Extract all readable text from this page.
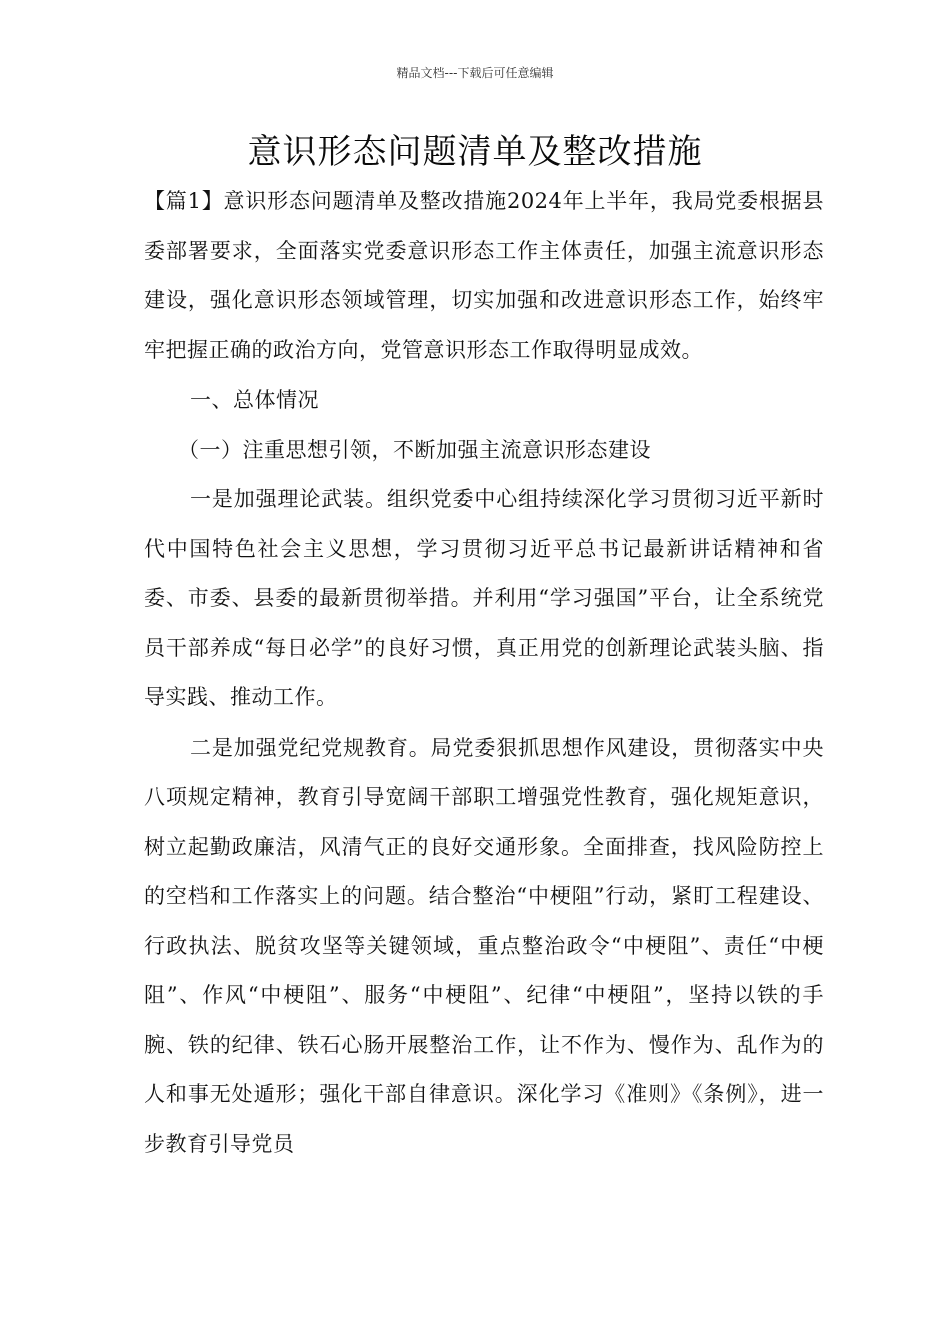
精品文档---下载后可任意编辑
意识形态问题清单及整改措施

【篇1】意识形态问题清单及整改措施2024年上半年，我局党委根据县委部署要求，全面落实党委意识形态工作主体责任，加强主流意识形态建设，强化意识形态领域管理，切实加强和改进意识形态工作，始终牢牢把握正确的政治方向，党管意识形态工作取得明显成效。

一、总体情况

（一）注重思想引领，不断加强主流意识形态建设

一是加强理论武装。组织党委中心组持续深化学习贯彻习近平新时代中国特色社会主义思想，学习贯彻习近平总书记最新讲话精神和省委、市委、县委的最新贯彻举措。并利用“学习强国”平台，让全系统党员干部养成“每日必学”的良好习惯，真正用党的创新理论武装头脑、指导实践、推动工作。

二是加强党纪党规教育。局党委狠抓思想作风建设，贯彻落实中央八项规定精神，教育引导宽阔干部职工增强党性教育，强化规矩意识，树立起勤政廉洁，风清气正的良好交通形象。全面排查，找风险防控上的空档和工作落实上的问题。结合整治“中梗阻”行动，紧盯工程建设、行政执法、脱贫攻坚等关键领域，重点整治政令“中梗阻”、责任“中梗阻”、作风“中梗阻”、服务“中梗阻”、纪律“中梗阻”，坚持以铁的手腕、铁的纪律、铁石心肠开展整治工作，让不作为、慢作为、乱作为的人和事无处遁形；强化干部自律意识。深化学习《准则》《条例》，进一步教育引导党员
